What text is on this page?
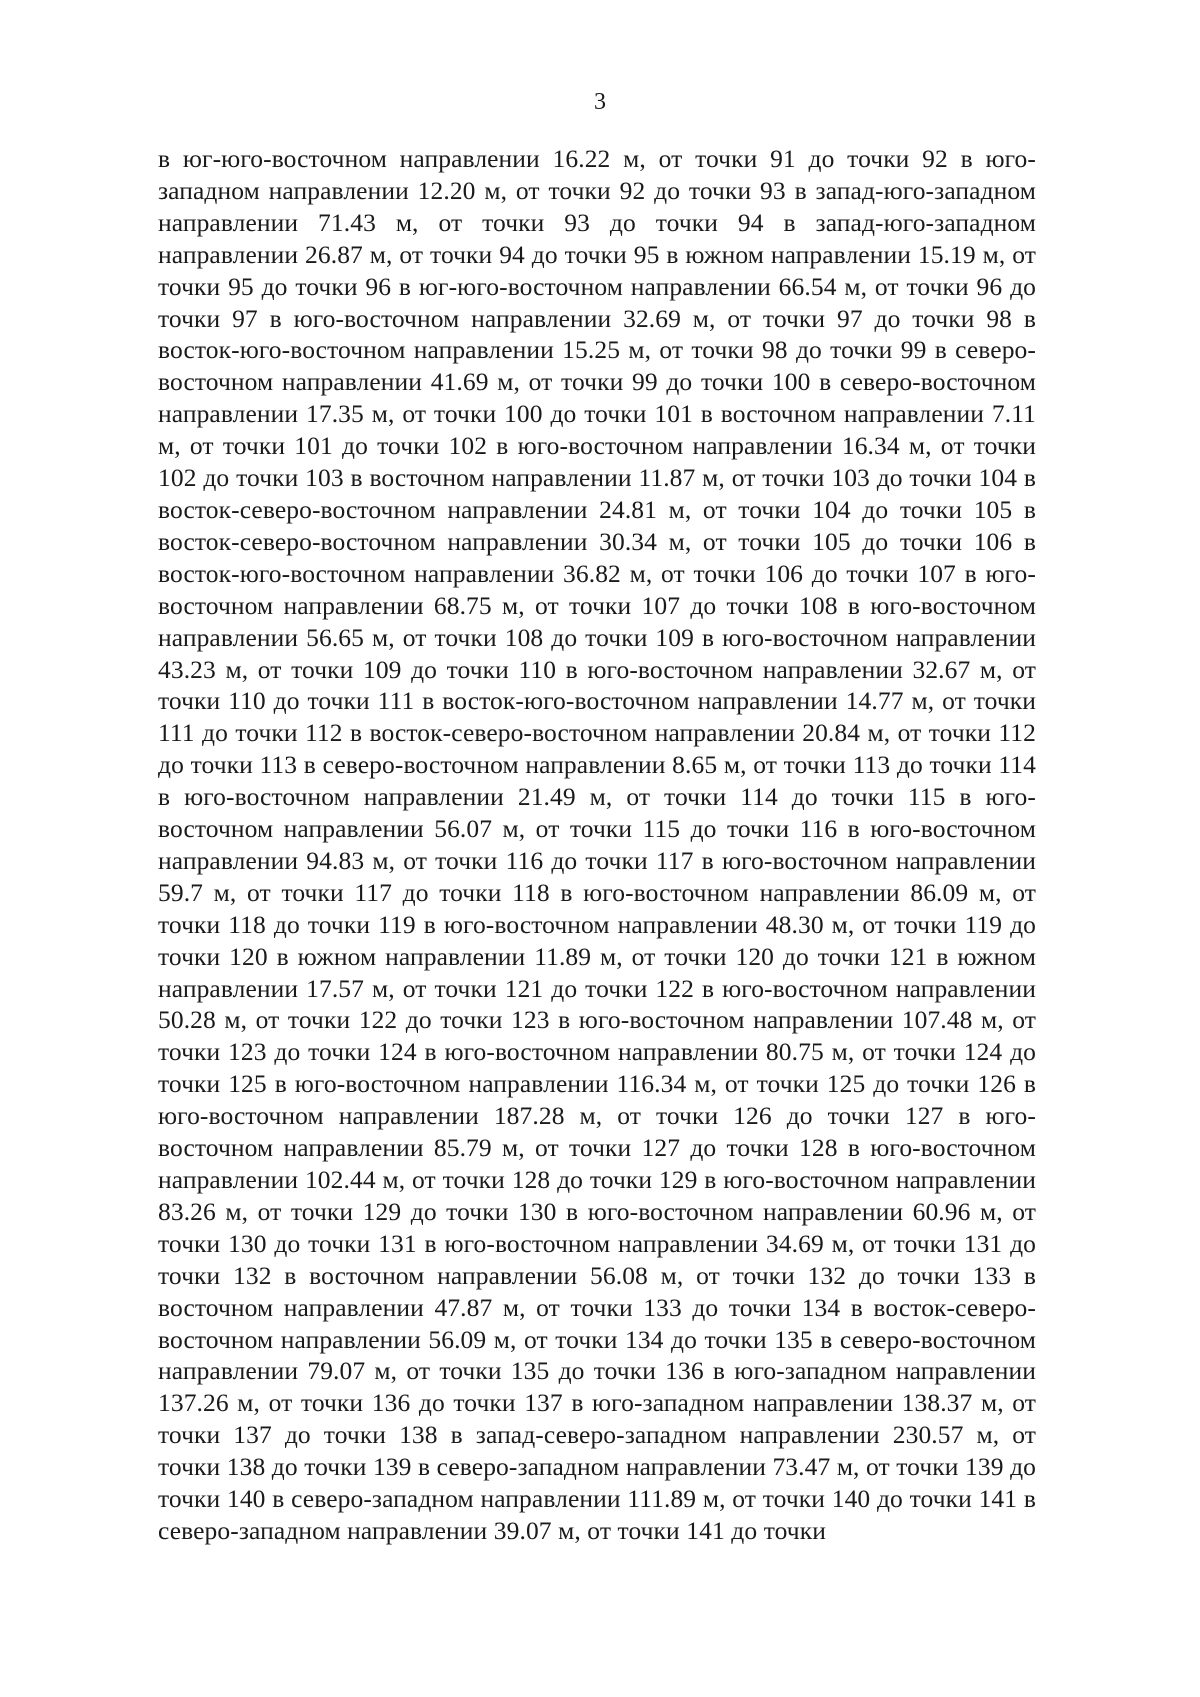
3

в юг-юго-восточном направлении 16.22 м, от точки 91 до точки 92 в юго-западном направлении 12.20 м, от точки 92 до точки 93 в запад-юго-западном направлении 71.43 м, от точки 93 до точки 94 в запад-юго-западном направлении 26.87 м, от точки 94 до точки 95 в южном направлении 15.19 м, от точки 95 до точки 96 в юг-юго-восточном направлении 66.54 м, от точки 96 до точки 97 в юго-восточном направлении 32.69 м, от точки 97 до точки 98 в восток-юго-восточном направлении 15.25 м, от точки 98 до точки 99 в северо-восточном направлении 41.69 м, от точки 99 до точки 100 в северо-восточном направлении 17.35 м, от точки 100 до точки 101 в восточном направлении 7.11 м, от точки 101 до точки 102 в юго-восточном направлении 16.34 м, от точки 102 до точки 103 в восточном направлении 11.87 м, от точки 103 до точки 104 в восток-северо-восточном направлении 24.81 м, от точки 104 до точки 105 в восток-северо-восточном направлении 30.34 м, от точки 105 до точки 106 в восток-юго-восточном направлении 36.82 м, от точки 106 до точки 107 в юго-восточном направлении 68.75 м, от точки 107 до точки 108 в юго-восточном направлении 56.65 м, от точки 108 до точки 109 в юго-восточном направлении 43.23 м, от точки 109 до точки 110 в юго-восточном направлении 32.67 м, от точки 110 до точки 111 в восток-юго-восточном направлении 14.77 м, от точки 111 до точки 112 в восток-северо-восточном направлении 20.84 м, от точки 112 до точки 113 в северо-восточном направлении 8.65 м, от точки 113 до точки 114 в юго-восточном направлении 21.49 м, от точки 114 до точки 115 в юго-восточном направлении 56.07 м, от точки 115 до точки 116 в юго-восточном направлении 94.83 м, от точки 116 до точки 117 в юго-восточном направлении 59.7 м, от точки 117 до точки 118 в юго-восточном направлении 86.09 м, от точки 118 до точки 119 в юго-восточном направлении 48.30 м, от точки 119 до точки 120 в южном направлении 11.89 м, от точки 120 до точки 121 в южном направлении 17.57 м, от точки 121 до точки 122 в юго-восточном направлении 50.28 м, от точки 122 до точки 123 в юго-восточном направлении 107.48 м, от точки 123 до точки 124 в юго-восточном направлении 80.75 м, от точки 124 до точки 125 в юго-восточном направлении 116.34 м, от точки 125 до точки 126 в юго-восточном направлении 187.28 м, от точки 126 до точки 127 в юго-восточном направлении 85.79 м, от точки 127 до точки 128 в юго-восточном направлении 102.44 м, от точки 128 до точки 129 в юго-восточном направлении 83.26 м, от точки 129 до точки 130 в юго-восточном направлении 60.96 м, от точки 130 до точки 131 в юго-восточном направлении 34.69 м, от точки 131 до точки 132 в восточном направлении 56.08 м, от точки 132 до точки 133 в восточном направлении 47.87 м, от точки 133 до точки 134 в восток-северо-восточном направлении 56.09 м, от точки 134 до точки 135 в северо-восточном направлении 79.07 м, от точки 135 до точки 136 в юго-западном направлении 137.26 м, от точки 136 до точки 137 в юго-западном направлении 138.37 м, от точки 137 до точки 138 в запад-северо-западном направлении 230.57 м, от точки 138 до точки 139 в северо-западном направлении 73.47 м, от точки 139 до точки 140 в северо-западном направлении 111.89 м, от точки 140 до точки 141 в северо-западном направлении 39.07 м, от точки 141 до точки
